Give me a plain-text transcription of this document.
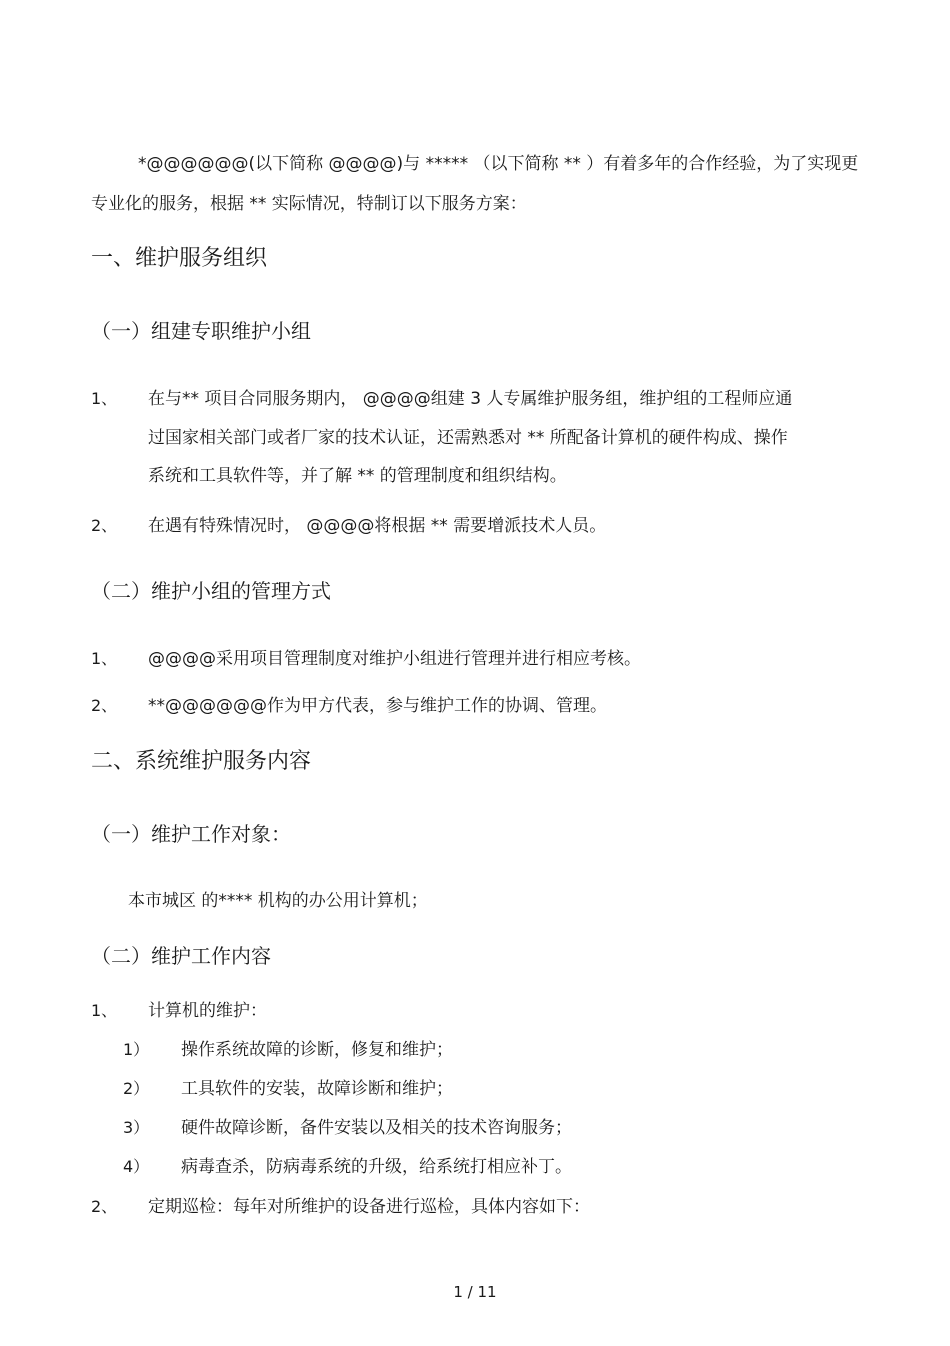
*@@@@@@(以下简称 @@@@)与 ***** （以下简称 ** ）有着多年的合作经验，为了实现更
专业化的服务，根据 ** 实际情况，特制订以下服务方案：
一、维护服务组织
（一）组建专职维护小组
1、 在与** 项目合同服务期内， @@@@组建 3 人专属维护服务组，维护组的工程师应通
过国家相关部门或者厂家的技术认证，还需熟悉对 ** 所配备计算机的硬件构成、操作
系统和工具软件等，并了解 ** 的管理制度和组织结构。
2、 在遇有特殊情况时， @@@@将根据 ** 需要增派技术人员。
（二）维护小组的管理方式
1、 @@@@采用项目管理制度对维护小组进行管理并进行相应考核。
2、 **@@@@@@作为甲方代表，参与维护工作的协调、管理。
二、系统维护服务内容
（一）维护工作对象：
本市城区 的**** 机构的办公用计算机；
（二）维护工作内容
1、 计算机的维护：
1） 操作系统故障的诊断，修复和维护；
2） 工具软件的安装，故障诊断和维护；
3） 硬件故障诊断，备件安装以及相关的技术咨询服务；
4） 病毒查杀，防病毒系统的升级，给系统打相应补丁。
2、 定期巡检：每年对所维护的设备进行巡检，具体内容如下：
1 / 11
